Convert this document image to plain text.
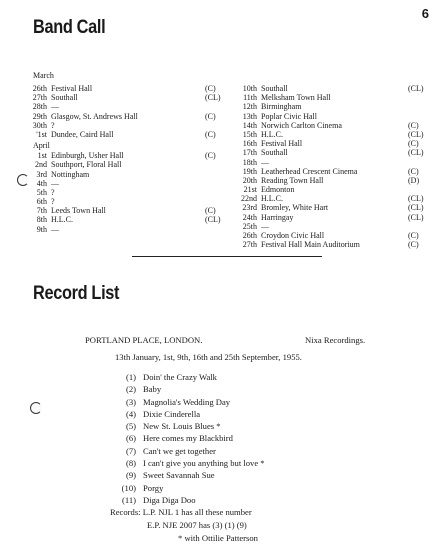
6
Band Call
March
26th Festival Hall	(C)
27th Southall	(CL)
28th —
29th Glasgow, St. Andrews Hall	(C)
30th ?
'1st Dundee, Caird Hall	(C)
April
1st Edinburgh, Usher Hall	(C)
2nd Southport, Floral Hall
3rd Nottingham
4th —
5th ?
6th ?
7th Leeds Town Hall	(C)
8th H.L.C.	(CL)
9th —
10th Southall	(CL)
11th Melksham Town Hall
12th Birmingham
13th Poplar Civic Hall
14th Norwich Carlton Cinema	(C)
15th H.L.C.	(CL)
16th Festival Hall	(C)
17th Southall	(CL)
18th —
19th Leatherhead Crescent Cinema	(C)
20th Reading Town Hall	(D)
21st Edmonton
22nd H.L.C.	(CL)
23rd Bromley, White Hart	(CL)
24th Harringay	(CL)
25th —
26th Croydon Civic Hall	(C)
27th Festival Hall Main Auditorium	(C)
Record List
PORTLAND PLACE, LONDON.	Nixa Recordings.
13th January, 1st, 9th, 16th and 25th September, 1955.
(1) Doin' the Crazy Walk
(2) Baby
(3) Magnolia's Wedding Day
(4) Dixie Cinderella
(5) New St. Louis Blues *
(6) Here comes my Blackbird
(7) Can't we get together
(8) I can't give you anything but love *
(9) Sweet Savannah Sue
(10) Porgy
(11) Diga Diga Doo
Records: L.P. NJL 1 has all these number
E.P. NJE 2007 has (3) (1) (9)
* with Ottilie Patterson
